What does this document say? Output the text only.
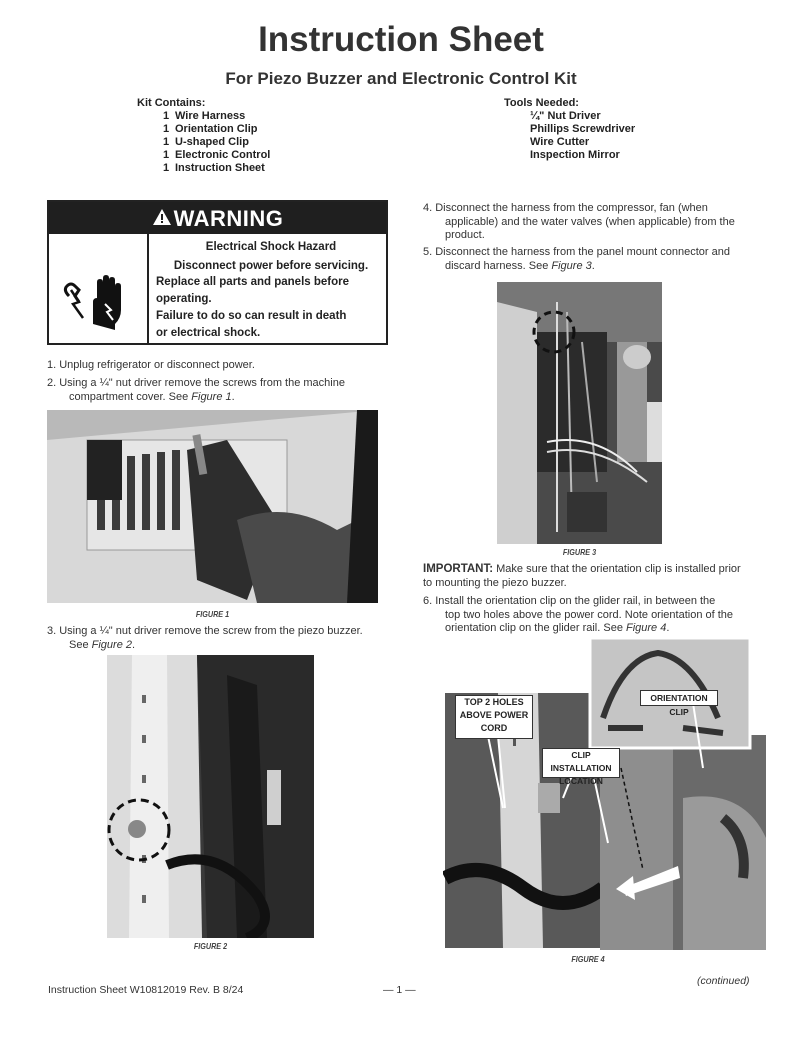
Instruction Sheet
For Piezo Buzzer and Electronic Control Kit
Kit Contains:
1 Wire Harness
1 Orientation Clip
1 U-shaped Clip
1 Electronic Control
1 Instruction Sheet
Tools Needed:
¼" Nut Driver
Phillips Screwdriver
Wire Cutter
Inspection Mirror
WARNING
Electrical Shock Hazard
Disconnect power before servicing.
Replace all parts and panels before operating.
Failure to do so can result in death or electrical shock.
1. Unplug refrigerator or disconnect power.
2. Using a ¼" nut driver remove the screws from the machine
compartment cover. See Figure 1.
FIGURE 1
3. Using a ¼" nut driver remove the screw from the piezo buzzer.
See Figure 2.
FIGURE 2
4. Disconnect the harness from the compressor, fan (when
applicable) and the water valves (when applicable) from the
product.
5. Disconnect the harness from the panel mount connector and
discard harness. See Figure 3.
FIGURE 3
IMPORTANT: Make sure that the orientation clip is installed prior
to mounting the piezo buzzer.
6. Install the orientation clip on the glider rail, in between the
top two holes above the power cord. Note orientation of the
orientation clip on the glider rail. See Figure 4.
TOP 2 HOLES
ABOVE POWER
CORD
CLIP INSTALLATION
LOCATION
ORIENTATION CLIP
FIGURE 4
Instruction Sheet W10812019 Rev. B 8/24	— 1 —
(continued)
